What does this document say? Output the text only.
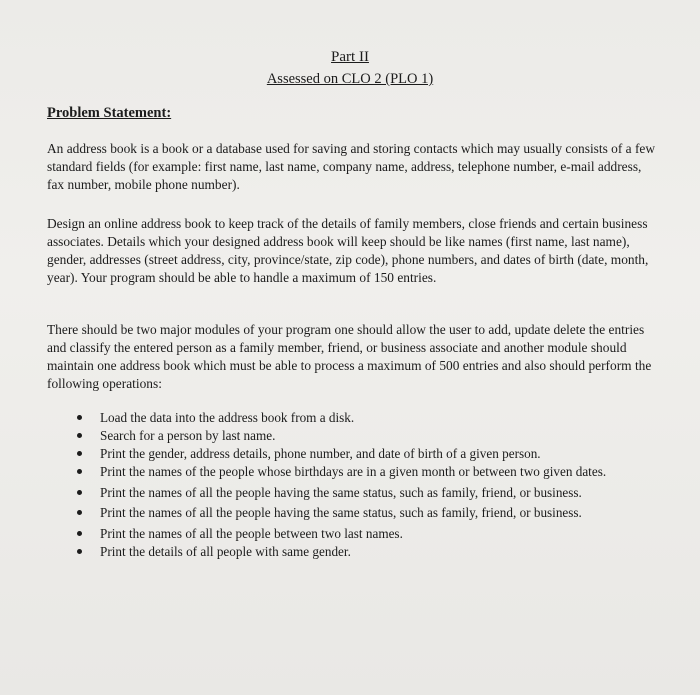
Part II
Assessed on CLO 2 (PLO 1)
Problem Statement:

An address book is a book or a database used for saving and storing contacts which may usually consists of a few standard fields (for example: first name, last name, company name, address, telephone number, e-mail address, fax number, mobile phone number).

Design an online address book to keep track of the details of family members, close friends and certain business associates. Details which your designed address book will keep should be like names (first name, last name), gender, addresses (street address, city, province/state, zip code), phone numbers, and dates of birth (date, month, year). Your program should be able to handle a maximum of 150 entries.

There should be two major modules of your program one should allow the user to add, update delete the entries and classify the entered person as a family member, friend, or business associate and another module should maintain one address book which must be able to process a maximum of 500 entries and also should perform the following operations:

Load the data into the address book from a disk.
Search for a person by last name.
Print the gender, address details, phone number, and date of birth of a given person.
Print the names of the people whose birthdays are in a given month or between two given dates.
Print the names of all the people having the same status, such as family, friend, or business.
Print the names of all the people having the same status, such as family, friend, or business.
Print the names of all the people between two last names.
Print the details of all people with same gender.
